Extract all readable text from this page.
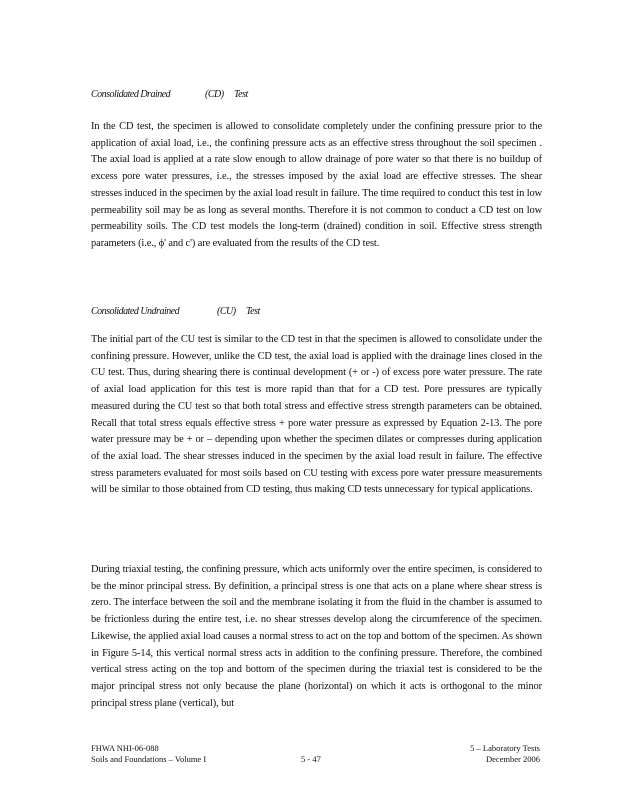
Consolidated Drained	(CD) Test

In the CD test, the specimen is allowed to consolidate completely under the confining pressure prior to the application of axial load, i.e., the confining pressure acts as an effective stress throughout the soil specimen . The axial load is applied at a rate slow enough to allow drainage of pore water so that there is no buildup of excess pore water pressures, i.e., the stresses imposed by the axial load are effective stresses. The shear stresses induced in the specimen by the axial load result in failure. The time required to conduct this test in low permeability soil may be as long as several months. Therefore it is not common to conduct a CD test on low permeability soils. The CD test models the long-term (drained) condition in soil. Effective stress strength parameters (i.e., ϕ' and c') are evaluated from the results of the CD test.

Consolidated Undrained	(CU) Test

The initial part of the CU test is similar to the CD test in that the specimen is allowed to consolidate under the confining pressure. However, unlike the CD test, the axial load is applied with the drainage lines closed in the CU test. Thus, during shearing there is continual development (+ or -) of excess pore water pressure. The rate of axial load application for this test is more rapid than that for a CD test. Pore pressures are typically measured during the CU test so that both total stress and effective stress strength parameters can be obtained. Recall that total stress equals effective stress + pore water pressure as expressed by Equation 2-13. The pore water pressure may be + or – depending upon whether the specimen dilates or compresses during application of the axial load. The shear stresses induced in the specimen by the axial load result in failure. The effective stress parameters evaluated for most soils based on CU testing with excess pore water pressure measurements will be similar to those obtained from CD testing, thus making CD tests unnecessary for typical applications.

During triaxial testing, the confining pressure, which acts uniformly over the entire specimen, is considered to be the minor principal stress. By definition, a principal stress is one that acts on a plane where shear stress is zero. The interface between the soil and the membrane isolating it from the fluid in the chamber is assumed to be frictionless during the entire test, i.e. no shear stresses develop along the circumference of the specimen. Likewise, the applied axial load causes a normal stress to act on the top and bottom of the specimen. As shown in Figure 5-14, this vertical normal stress acts in addition to the confining pressure. Therefore, the combined vertical stress acting on the top and bottom of the specimen during the triaxial test is considered to be the major principal stress not only because the plane (horizontal) on which it acts is orthogonal to the minor principal stress plane (vertical), but

FHWA NHI-06-088
Soils and Foundations – Volume I	5 - 47
5 – Laboratory Tests
December 2006
